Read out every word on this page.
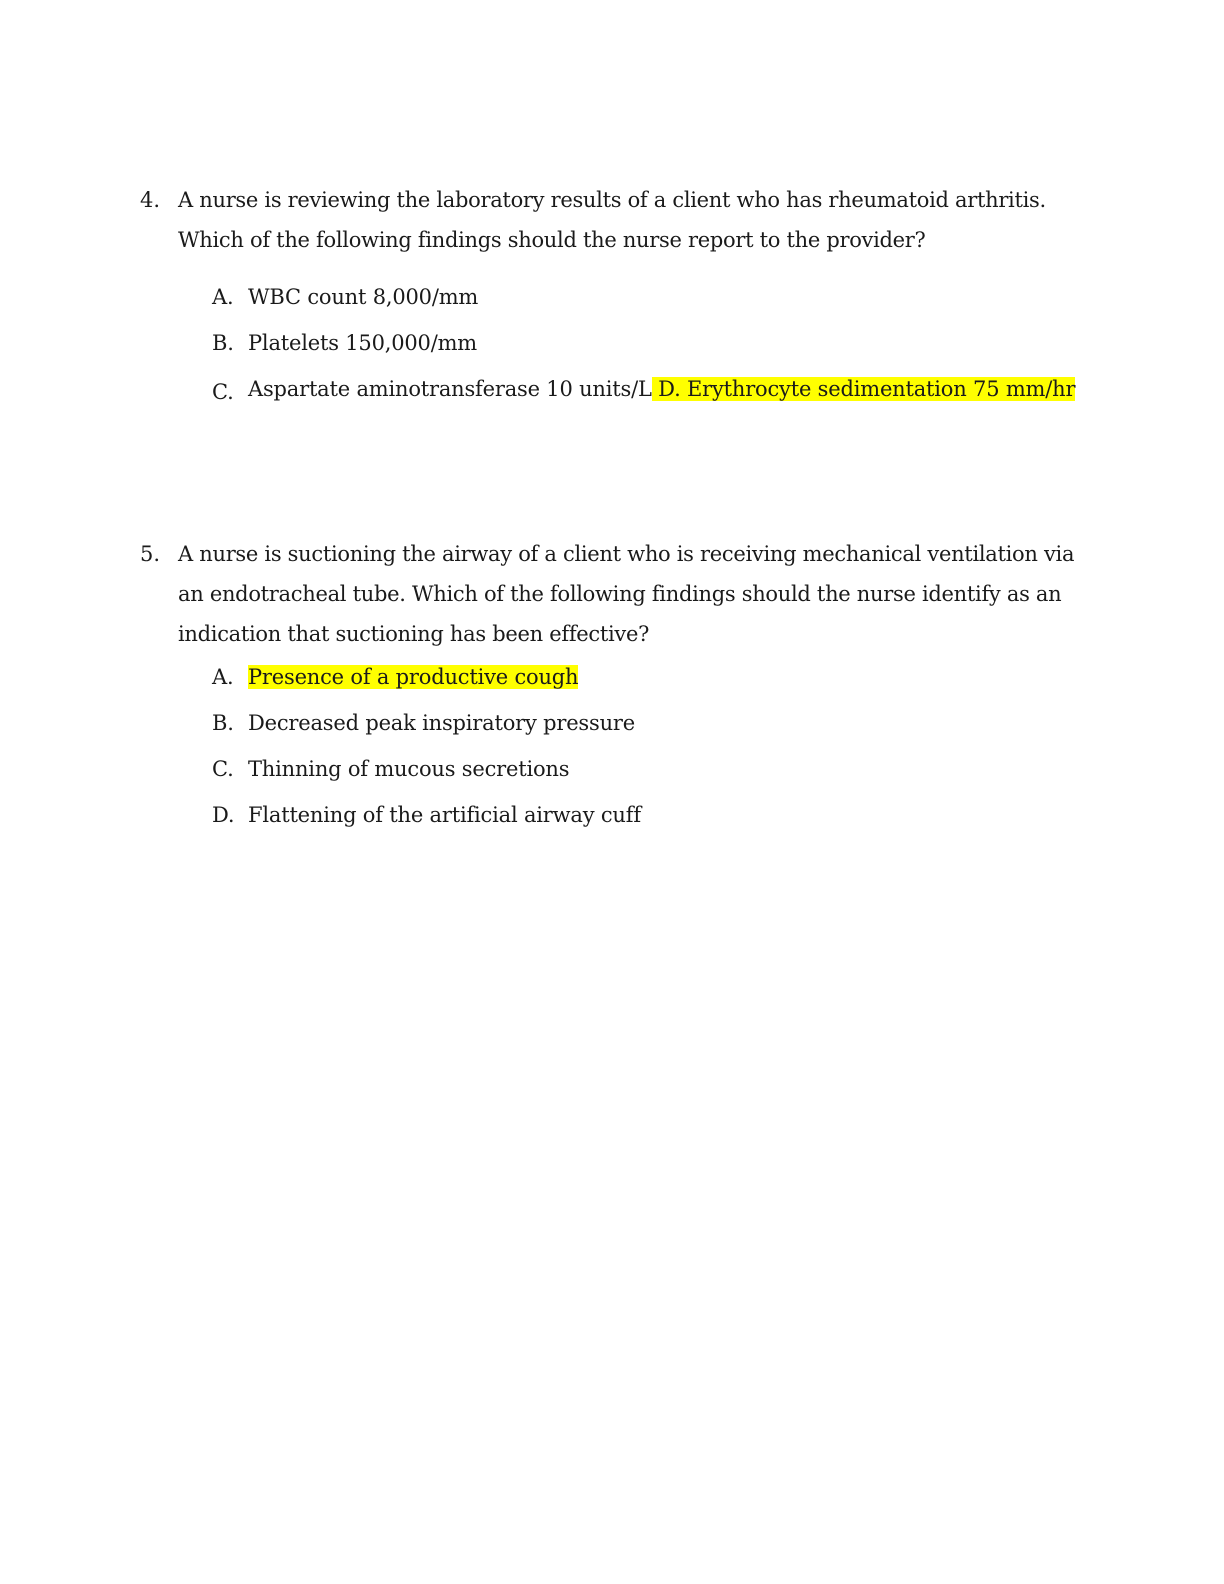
4. A nurse is reviewing the laboratory results of a client who has rheumatoid arthritis. Which of the following findings should the nurse report to the provider?
A. WBC count 8,000/mm
B. Platelets 150,000/mm
C. Aspartate aminotransferase 10 units/L D. Erythrocyte sedimentation 75 mm/hr
5. A nurse is suctioning the airway of a client who is receiving mechanical ventilation via an endotracheal tube. Which of the following findings should the nurse identify as an indication that suctioning has been effective?
A. Presence of a productive cough
B. Decreased peak inspiratory pressure
C. Thinning of mucous secretions
D. Flattening of the artificial airway cuff
